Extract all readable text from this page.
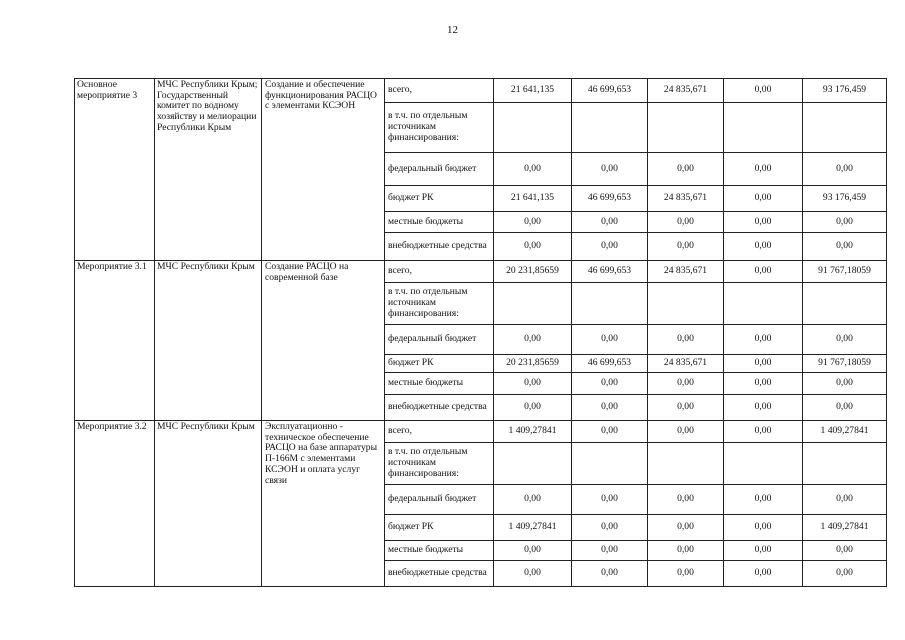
12
Основное мероприятие 3	МЧС Республики Крым; Государственный комитет по водному хозяйству и мелиорации Республики Крым	Создание и обеспечение функционирования РАСЦО с элементами КСЭОН	всего,	21 641,135	46 699,653	24 835,671	0,00	93 176,459
			в т.ч. по отдельным источникам финансирования:					
			федеральный бюджет	0,00	0,00	0,00	0,00	0,00
			бюджет РК	21 641,135	46 699,653	24 835,671	0,00	93 176,459
			местные бюджеты	0,00	0,00	0,00	0,00	0,00
			внебюджетные средства	0,00	0,00	0,00	0,00	0,00
Мероприятие 3.1	МЧС Республики Крым	Создание РАСЦО на современной базе	всего,	20 231,85659	46 699,653	24 835,671	0,00	91 767,18059
			в т.ч. по отдельным источникам финансирования:					
			федеральный бюджет	0,00	0,00	0,00	0,00	0,00
			бюджет РК	20 231,85659	46 699,653	24 835,671	0,00	91 767,18059
			местные бюджеты	0,00	0,00	0,00	0,00	0,00
			внебюджетные средства	0,00	0,00	0,00	0,00	0,00
Мероприятие 3.2	МЧС Республики Крым	Эксплуатационно - техническое обеспечение РАСЦО на базе аппаратуры П-166М с элементами КСЭОН и оплата услуг связи	всего,	1 409,27841	0,00	0,00	0,00	1 409,27841
			в т.ч. по отдельным источникам финансирования:					
			федеральный бюджет	0,00	0,00	0,00	0,00	0,00
			бюджет РК	1 409,27841	0,00	0,00	0,00	1 409,27841
			местные бюджеты	0,00	0,00	0,00	0,00	0,00
			внебюджетные средства	0,00	0,00	0,00	0,00	0,00
